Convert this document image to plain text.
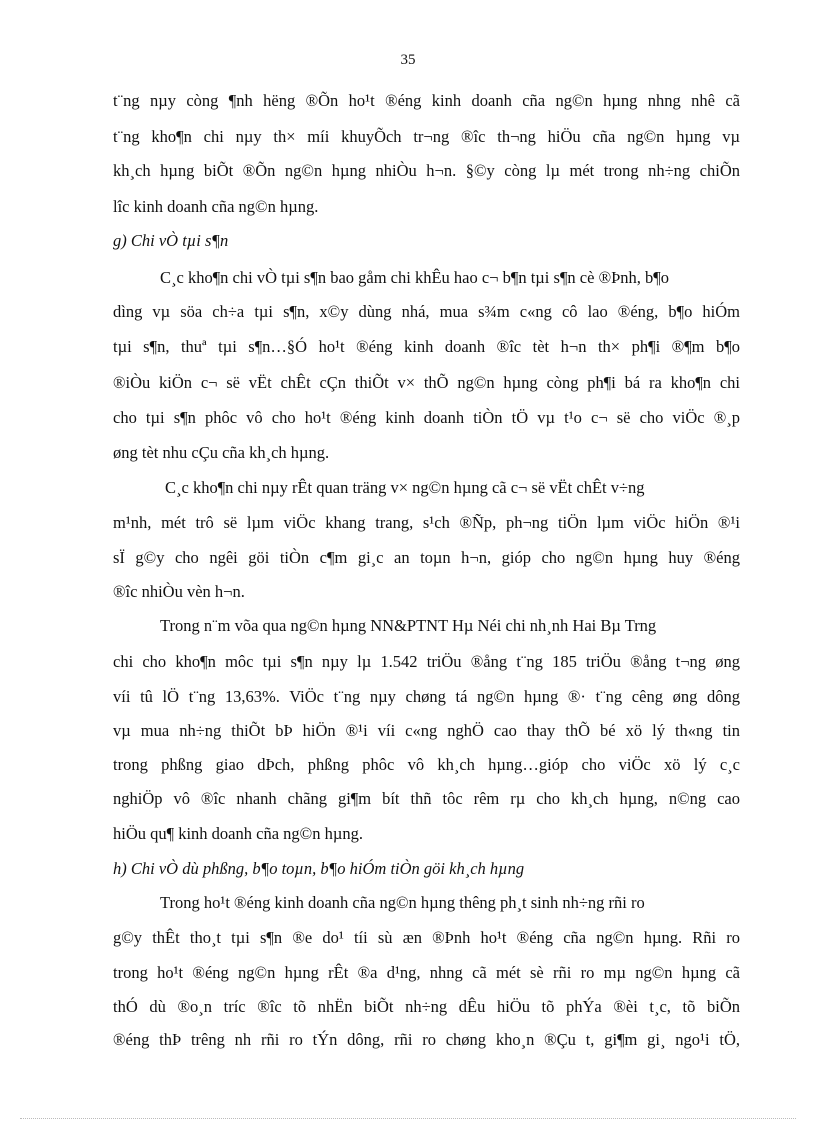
35
t¨ng nµy còng ¶nh hëng ®Õn ho¹t ®éng kinh doanh cña ng©n hµng nhng nhê cã
t¨ng kho¶n chi nµy th× míi khuyÕch tr¬ng ®îc th¬ng hiÖu cña ng©n hµng vµ
kh¸ch hµng biÕt ®Õn ng©n hµng nhiÒu h¬n. §©y còng lµ mét trong nh÷ng chiÕn
lîc kinh doanh cña ng©n hµng.
g) Chi vÒ tµi s¶n
C¸c kho¶n chi vÒ tµi s¶n bao gåm chi khÊu hao c¬ b¶n tµi s¶n cè ®Þnh, b¶o
dìng vµ söa ch÷a tµi s¶n, x©y dùng nhá, mua s¾m c«ng cô lao ®éng, b¶o hiÓm
tµi s¶n, thuª tµi s¶n…§Ó ho¹t ®éng kinh doanh ®îc tèt h¬n th× ph¶i ®¶m b¶o
®iÒu kiÖn c¬ së vËt chÊt cÇn thiÕt v× thÕ ng©n hµng còng ph¶i bá ra kho¶n chi
cho tµi s¶n phôc vô cho ho¹t ®éng kinh doanh tiÒn tÖ vµ t¹o c¬ së cho viÖc ®¸p
øng tèt nhu cÇu cña kh¸ch hµng.
C¸c kho¶n chi nµy rÊt quan träng v× ng©n hµng cã c¬ së vËt chÊt v÷ng
m¹nh, mét trô së lµm viÖc khang trang, s¹ch ®Ñp, ph¬ng tiÖn lµm viÖc hiÖn ®¹i
sÏ g©y cho ngêi göi tiÒn c¶m gi¸c an toµn h¬n, gióp cho ng©n hµng huy ®éng
®îc nhiÒu vèn h¬n.
Trong n¨m võa qua ng©n hµng NN&PTNT Hµ Néi chi nh¸nh Hai Bµ Trng
chi cho kho¶n môc tµi s¶n nµy lµ 1.542 triÖu ®ång t¨ng 185 triÖu ®ång t¬ng øng
víi tû lÖ t¨ng 13,63%. ViÖc t¨ng nµy chøng tá ng©n hµng ®· t¨ng cêng øng dông
vµ mua nh÷ng thiÕt bÞ hiÖn ®¹i víi c«ng nghÖ cao thay thÕ bé xö lý th«ng tin
trong phßng giao dÞch, phßng phôc vô kh¸ch hµng…gióp cho viÖc xö lý c¸c
nghiÖp vô ®îc nhanh chãng gi¶m bít thñ tôc rêm rµ cho kh¸ch hµng, n©ng cao
hiÖu qu¶ kinh doanh cña ng©n hµng.
h) Chi vÒ dù phßng, b¶o toµn, b¶o hiÓm tiÒn göi kh¸ch hµng
Trong ho¹t ®éng kinh doanh cña ng©n hµng thêng ph¸t sinh nh÷ng rñi ro
g©y thÊt tho¸t tµi s¶n ®e do¹ tíi sù æn ®Þnh ho¹t ®éng cña ng©n hµng. Rñi ro
trong ho¹t ®éng ng©n hµng rÊt ®a d¹ng, nhng cã mét sè rñi ro mµ ng©n hµng cã
thÓ dù ®o¸n tríc ®îc tõ nhËn biÕt nh÷ng dÊu hiÖu tõ phÝa ®èi t¸c, tõ biÕn
®éng thÞ trêng nh rñi ro tÝn dông, rñi ro chøng kho¸n ®Çu t, gi¶m gi¸ ngo¹i tÖ,
